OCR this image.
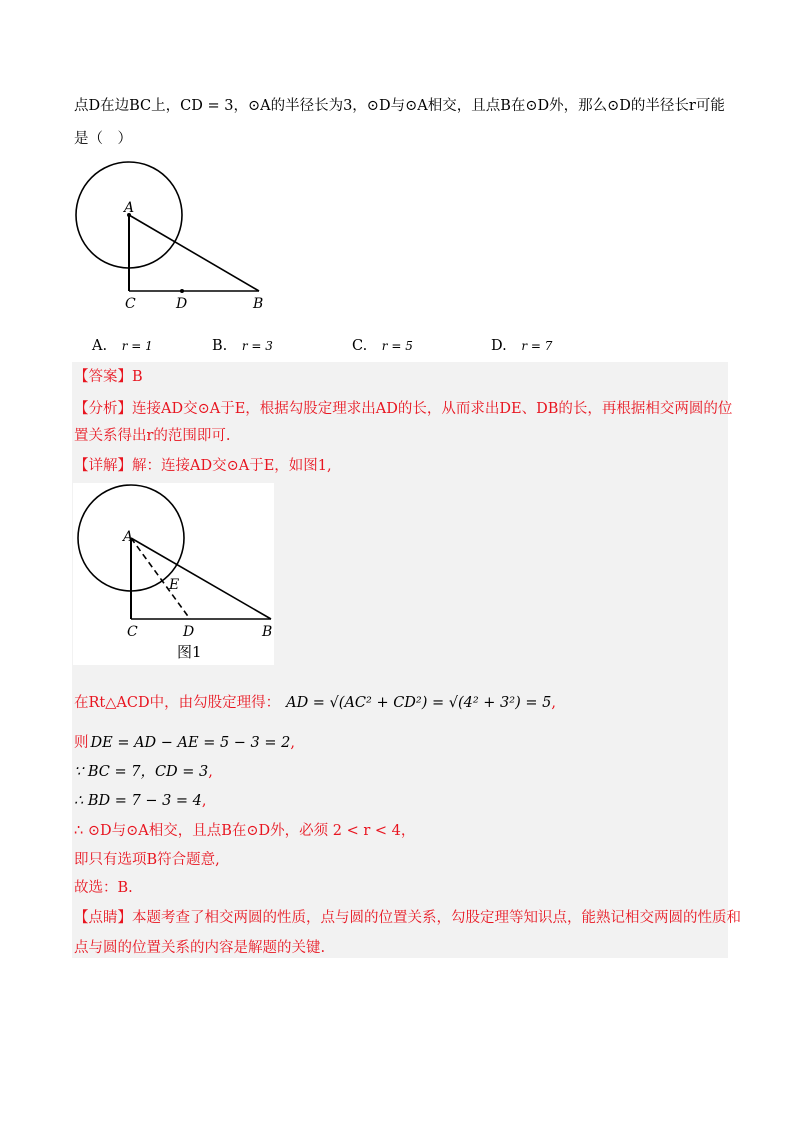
点D在边BC上，CD = 3，⊙A的半径长为3，⊙D与⊙A相交，且点B在⊙D外，那么⊙D的半径长r可能
是（　）
A
C	D	B
A. r = 1	B. r = 3	C. r = 5	D. r = 7
【答案】B
【分析】连接AD交⊙A于E，根据勾股定理求出AD的长，从而求出DE、DB的长，再根据相交两圆的位
置关系得出r的范围即可.
【详解】解：连接AD交⊙A于E，如图1,
A
E
C	D	B
图1
在Rt△ACD中，由勾股定理得： AD = √(AC² + CD²) = √(4² + 3²) = 5,
则 DE = AD − AE = 5 − 3 = 2,
∵ BC = 7，CD = 3,
∴ BD = 7 − 3 = 4,
∴ ⊙D与⊙A相交，且点B在⊙D外，必须 2 < r < 4，
即只有选项B符合题意,
故选：B.
【点睛】本题考查了相交两圆的性质，点与圆的位置关系，勾股定理等知识点，能熟记相交两圆的性质和
点与圆的位置关系的内容是解题的关键.
